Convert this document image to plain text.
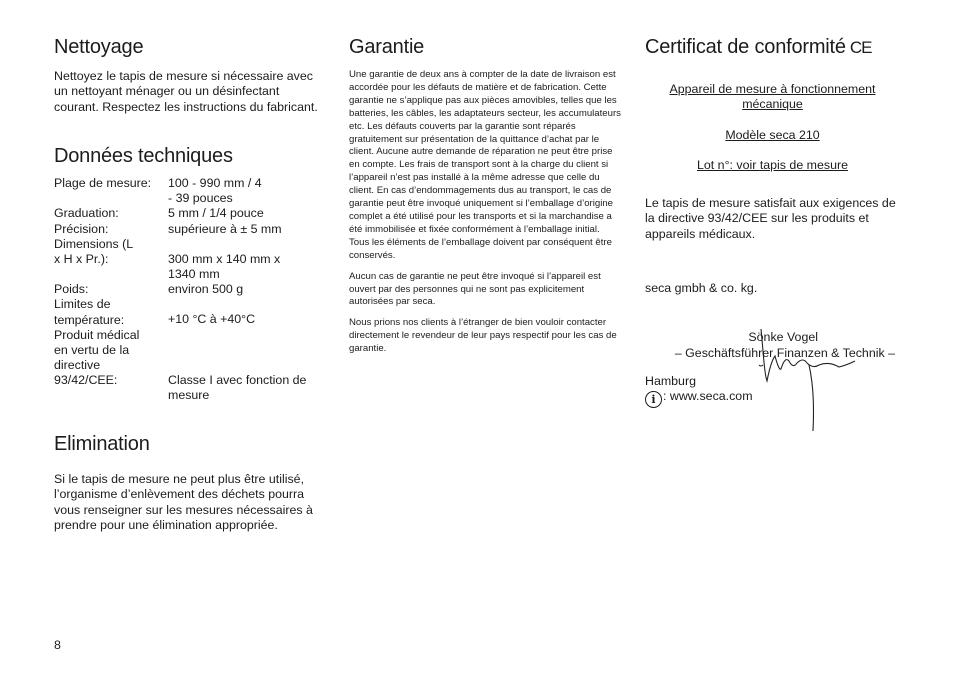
Nettoyage

Nettoyez le tapis de mesure si nécessaire avec un nettoyant ménager ou un désinfectant courant. Respectez les instructions du fabricant.

Données techniques
Plage de mesure:	100 - 990 mm / 4 - 39 pouces
Graduation:	5 mm / 1/4 pouce
Précision:	supérieure à ± 5 mm
Dimensions (L x H x Pr.):	300 mm x 140 mm x 1340 mm
Poids:	environ 500 g
Limites de température:	+10 °C à +40°C
Produit médical en vertu de la directive 93/42/CEE:	Classe I avec fonction de mesure
Elimination

Si le tapis de mesure ne peut plus être utilisé, l’organisme d’enlèvement des déchets pourra vous renseigner sur les mesures nécessaires à prendre pour une élimination appropriée.

Garantie

Une garantie de deux ans à compter de la date de livraison est accordée pour les défauts de matière et de fabrication. Cette garantie ne s’applique pas aux pièces amovibles, telles que les batteries, les câbles, les adaptateurs secteur, les accumulateurs etc. Les défauts couverts par la garantie sont réparés gratuitement sur présentation de la quittance d’achat par le client. Aucune autre demande de réparation ne peut être prise en compte. Les frais de transport sont à la charge du client si l’appareil n’est pas installé à la même adresse que celle du client. En cas d’endommagements dus au transport, le cas de garantie peut être invoqué uniquement si l’emballage d’origine complet a été utilisé pour les transports et si la marchandise a été immobilisée et fixée conformément à l’emballage initial. Tous les éléments de l’emballage doivent par conséquent être conservés.

Aucun cas de garantie ne peut être invoqué si l’appareil est ouvert par des personnes qui ne sont pas explicitement autorisées par seca.

Nous prions nos clients à l’étranger de bien vouloir contacter directement le revendeur de leur pays respectif pour les cas de garantie.

Certificat de conformité CE
Appareil de mesure à fonctionnement mécanique
Modèle seca 210
Lot n°: voir tapis de mesure

Le tapis de mesure satisfait aux exigences de la directive 93/42/CEE sur les produits et appareils médicaux.

seca gmbh & co. kg.

Sönke Vogel
– Geschäftsführer Finanzen & Technik –
Hamburg
i : www.seca.com
8
